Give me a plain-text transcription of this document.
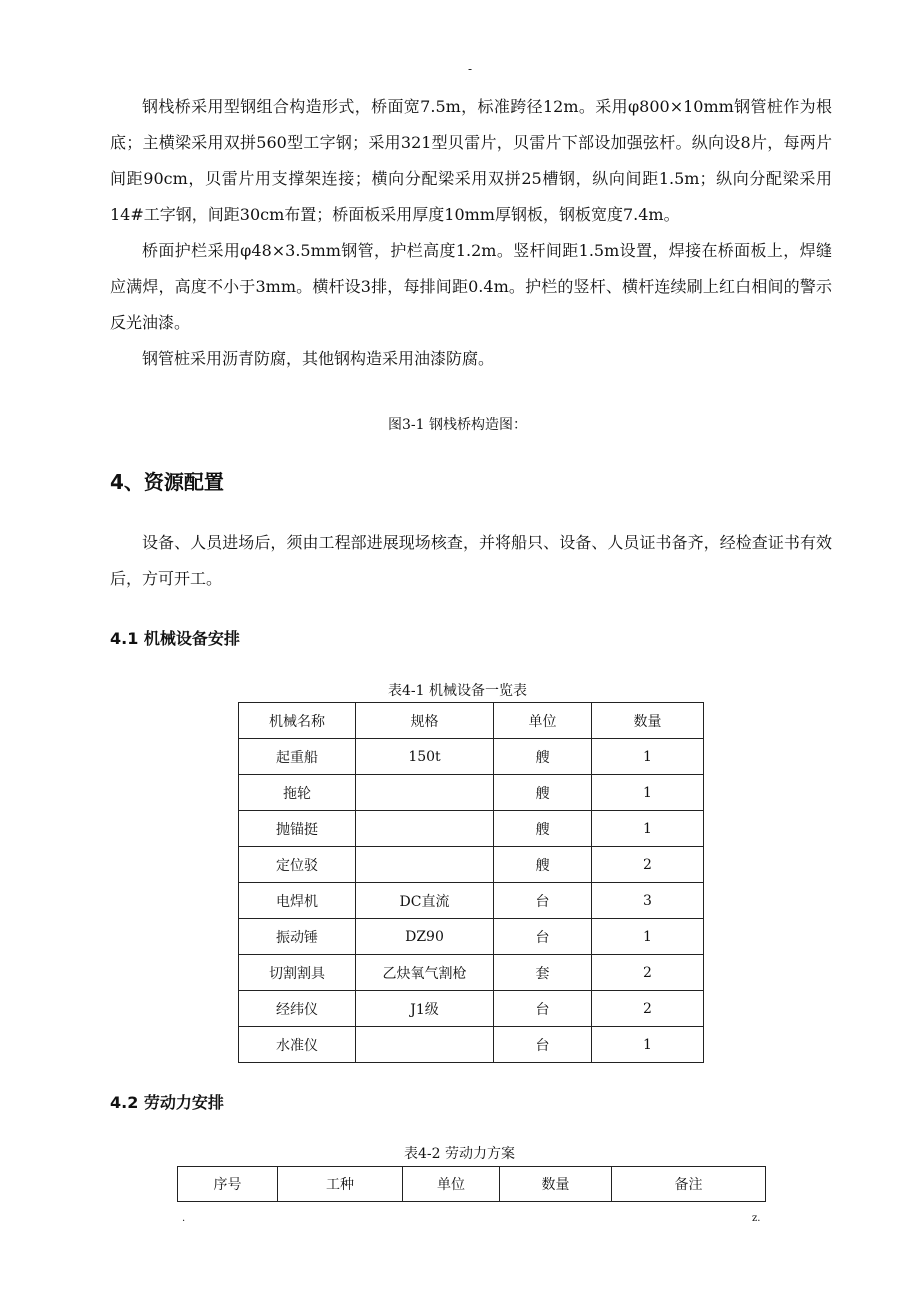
-

钢栈桥采用型钢组合构造形式，桥面宽7.5m，标准跨径12m。采用φ800×10mm钢管桩作为根底；主横梁采用双拼560型工字钢；采用321型贝雷片，贝雷片下部设加强弦杆。纵向设8片，每两片间距90cm，贝雷片用支撑架连接；横向分配梁采用双拼25槽钢，纵向间距1.5m；纵向分配梁采用14#工字钢，间距30cm布置；桥面板采用厚度10mm厚钢板，钢板宽度7.4m。

桥面护栏采用φ48×3.5mm钢管，护栏高度1.2m。竖杆间距1.5m设置，焊接在桥面板上，焊缝应满焊，高度不小于3mm。横杆设3排，每排间距0.4m。护栏的竖杆、横杆连续刷上红白相间的警示反光油漆。

钢管桩采用沥青防腐，其他钢构造采用油漆防腐。

图3-1 钢栈桥构造图：
4、资源配置

设备、人员进场后，须由工程部进展现场核查，并将船只、设备、人员证书备齐，经检查证书有效后，方可开工。

4.1 机械设备安排
表4-1 机械设备一览表
机械名称	规格	单位	数量
起重船	150t	艘	1
拖轮		艘	1
抛锚挺		艘	1
定位驳		艘	2
电焊机	DC直流	台	3
振动锤	DZ90	台	1
切割割具	乙炔氧气割枪	套	2
经纬仪	J1级	台	2
水准仪		台	1
4.2 劳动力安排
表4-2 劳动力方案
序号	工种	单位	数量	备注
.	z.
